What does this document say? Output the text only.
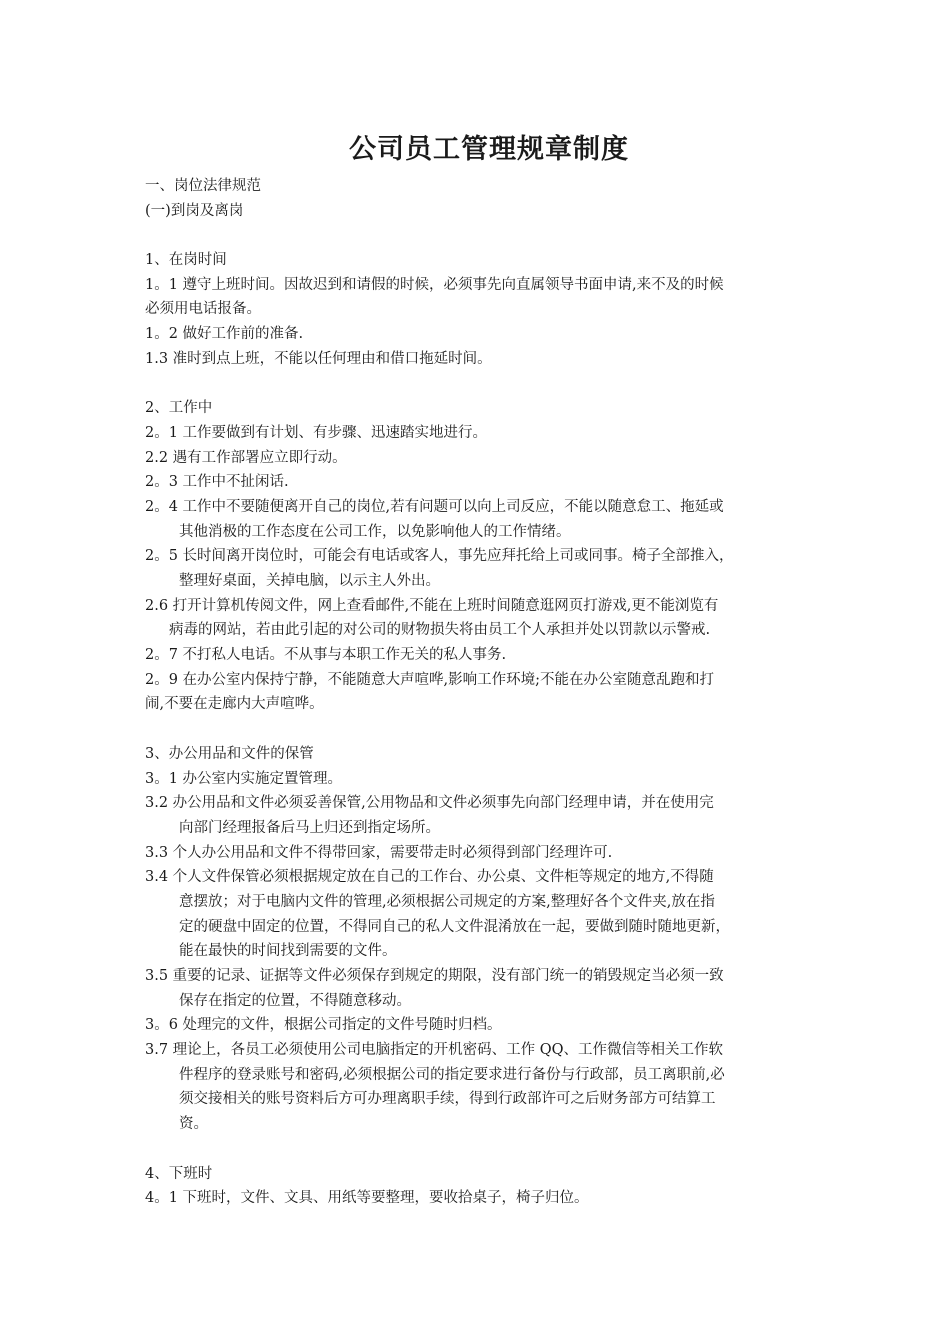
公司员工管理规章制度
一、岗位法律规范
(一)到岗及离岗
1、在岗时间
1。1 遵守上班时间。因故迟到和请假的时候，必须事先向直属领导书面申请,来不及的时候
必须用电话报备。
1。2 做好工作前的准备.
1.3 准时到点上班，不能以任何理由和借口拖延时间。
2、工作中
2。1 工作要做到有计划、有步骤、迅速踏实地进行。
2.2 遇有工作部署应立即行动。
2。3 工作中不扯闲话.
2。4 工作中不要随便离开自己的岗位,若有问题可以向上司反应，不能以随意怠工、拖延或
其他消极的工作态度在公司工作，以免影响他人的工作情绪。
2。5 长时间离开岗位时，可能会有电话或客人，事先应拜托给上司或同事。椅子全部推入，
整理好桌面，关掉电脑，以示主人外出。
2.6 打开计算机传阅文件，网上查看邮件,不能在上班时间随意逛网页打游戏,更不能浏览有
病毒的网站，若由此引起的对公司的财物损失将由员工个人承担并处以罚款以示警戒.
2。7 不打私人电话。不从事与本职工作无关的私人事务.
2。9 在办公室内保持宁静，不能随意大声喧哗,影响工作环境;不能在办公室随意乱跑和打
闹,不要在走廊内大声喧哗。
3、办公用品和文件的保管
3。1 办公室内实施定置管理。
3.2 办公用品和文件必须妥善保管,公用物品和文件必须事先向部门经理申请，并在使用完
向部门经理报备后马上归还到指定场所。
3.3 个人办公用品和文件不得带回家，需要带走时必须得到部门经理许可.
3.4 个人文件保管必须根据规定放在自己的工作台、办公桌、文件柜等规定的地方,不得随
意摆放；对于电脑内文件的管理,必须根据公司规定的方案,整理好各个文件夹,放在指
定的硬盘中固定的位置，不得同自己的私人文件混淆放在一起，要做到随时随地更新，
能在最快的时间找到需要的文件。
3.5 重要的记录、证据等文件必须保存到规定的期限，没有部门统一的销毁规定当必须一致
保存在指定的位置，不得随意移动。
3。6 处理完的文件，根据公司指定的文件号随时归档。
3.7 理论上，各员工必须使用公司电脑指定的开机密码、工作 QQ、工作微信等相关工作软
件程序的登录账号和密码,必须根据公司的指定要求进行备份与行政部，员工离职前,必
须交接相关的账号资料后方可办理离职手续，得到行政部许可之后财务部方可结算工
资。
4、下班时
4。1 下班时，文件、文具、用纸等要整理，要收拾桌子，椅子归位。
